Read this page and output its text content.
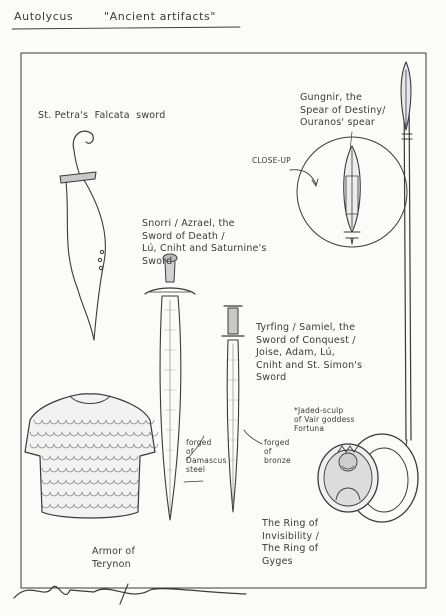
Autolycus	"Ancient artifacts"
St. Petra's  Falcata  sword
Gungnir, the
Spear of Destiny/
Ouranos' spear
CLOSE-UP
Snorri / Azrael, the
Sword of Death /
Lú, Cniht and Saturnine's
Sword
forged
of
Damascus
steel
Tyrfing / Samiel, the
Sword of Conquest /
Joise, Adam, Lú,
Cniht and St. Simon's
Sword
forged
of
bronze
*Jaded-sculp
of Vair goddess
Fortuna
The Ring of
Invisibility /
The Ring of
Gyges
Armor of
Terynon
